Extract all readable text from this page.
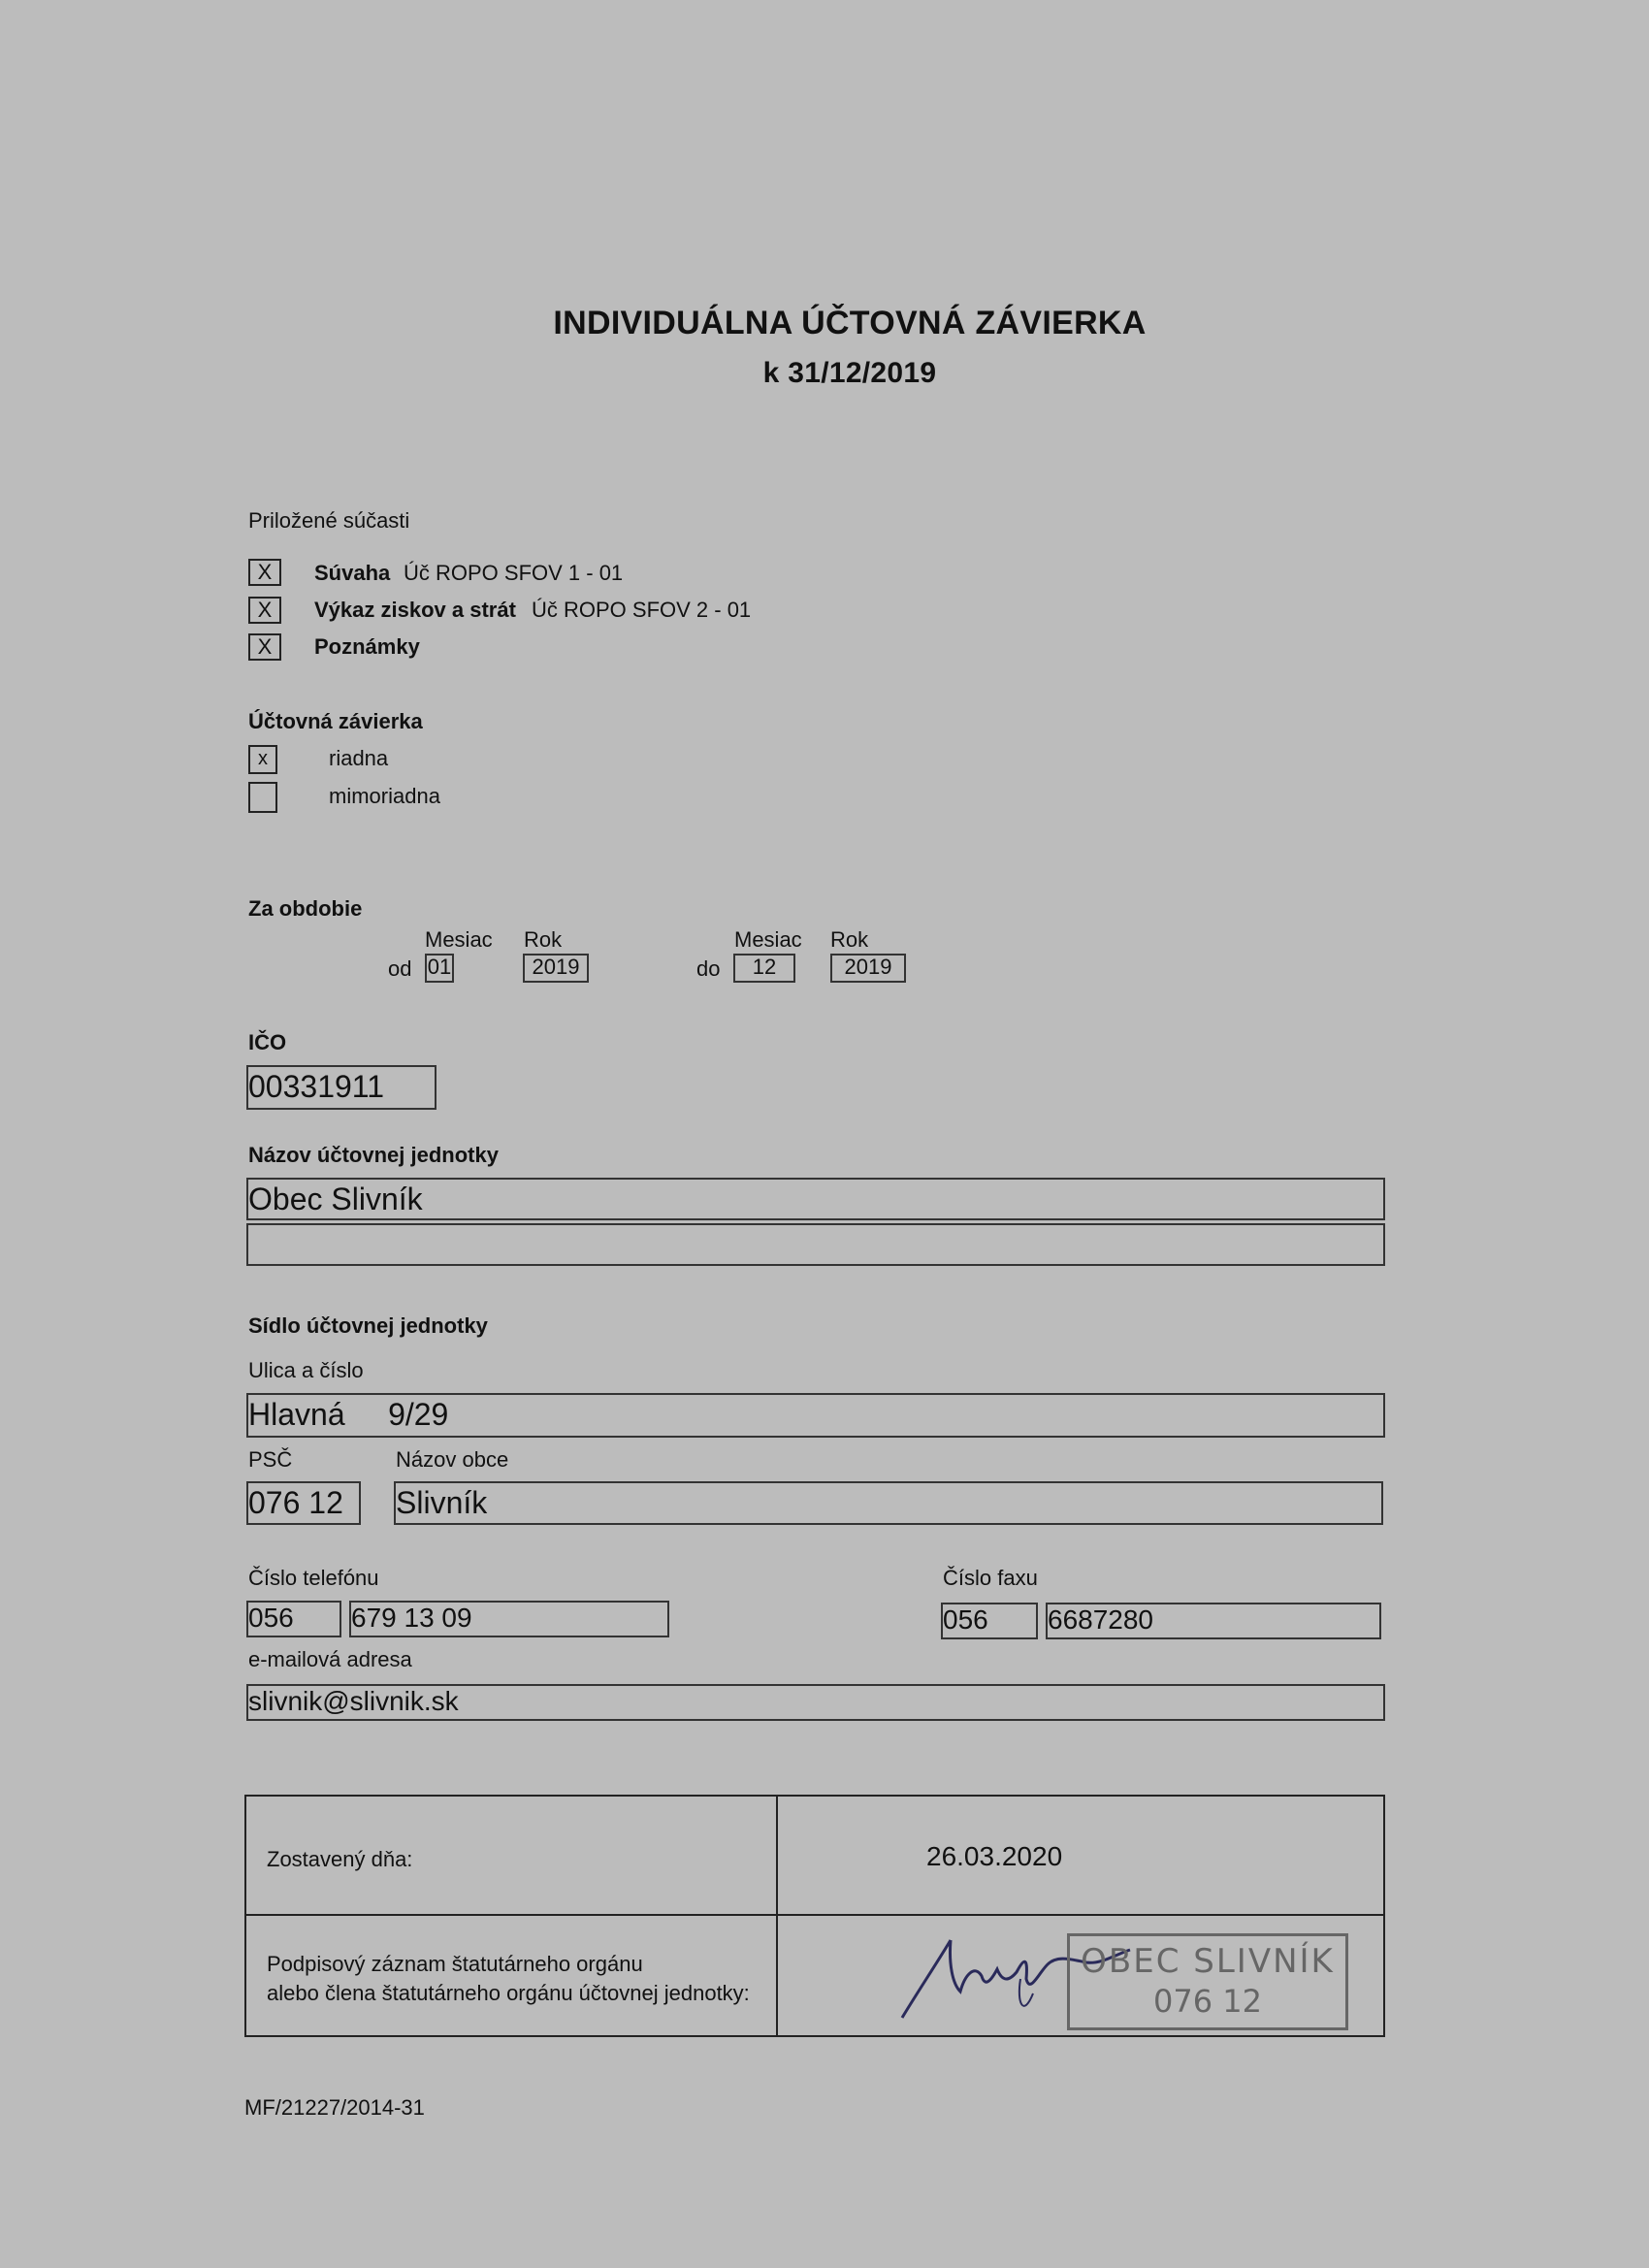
INDIVIDUÁLNA ÚČTOVNÁ ZÁVIERKA
k 31/12/2019
Priložené súčasti
X	Súvaha Úč ROPO SFOV 1 - 01
X	Výkaz ziskov a strát Úč ROPO SFOV 2 - 01
X	Poznámky
Účtovná závierka
x	riadna
mimoriadna
Za obdobie
Mesiac Rok	Mesiac Rok
od 01	2019	do	12	2019
IČO
00331911
Názov účtovnej jednotky
Obec Slivník
Sídlo účtovnej jednotky
Ulica a číslo
Hlavná     9/29
PSČ	Názov obce
076 12	Slivník
Číslo telefónu	Číslo faxu
056	679 13 09	056	6687280
e-mailová adresa
slivnik@slivnik.sk
Zostavený dňa:	26.03.2020
Podpisový záznam štatutárneho orgánu
alebo člena štatutárneho orgánu účtovnej jednotky:
OBEC SLIVNÍK
076 12
MF/21227/2014-31
